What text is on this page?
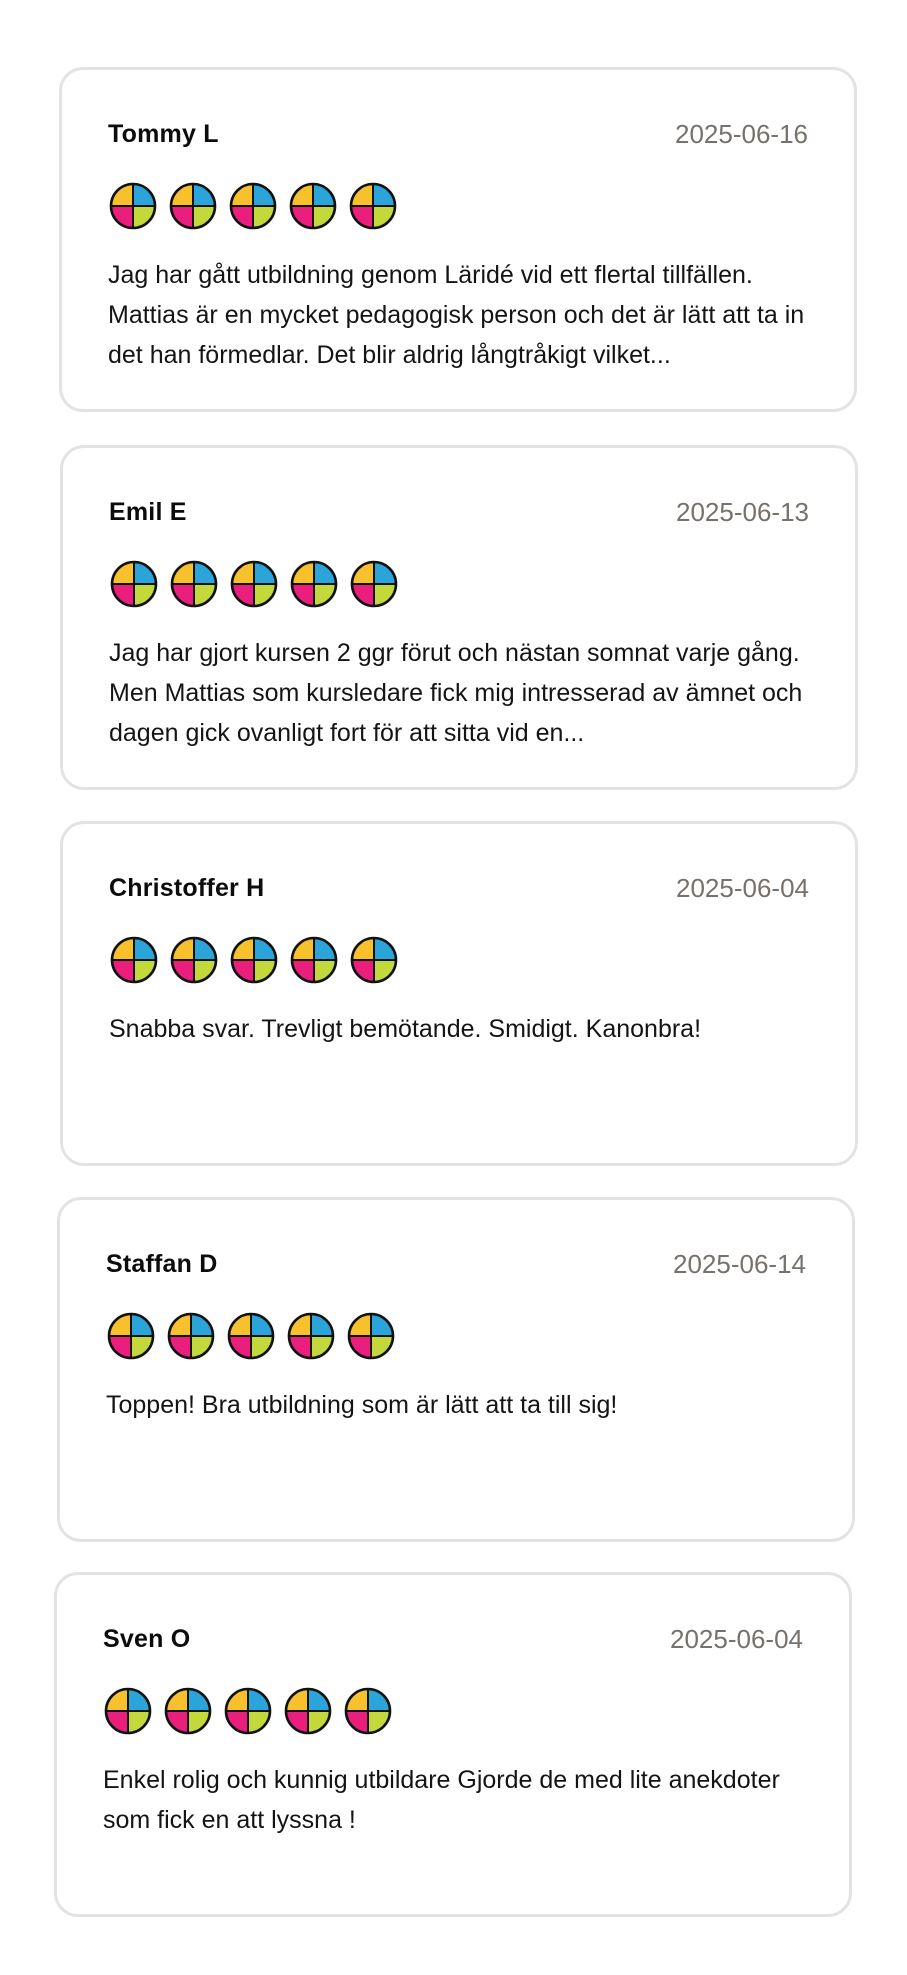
Tommy L	2025-06-16

Jag har gått utbildning genom Läridé vid ett flertal tillfällen. Mattias är en mycket pedagogisk person och det är lätt att ta in det han förmedlar. Det blir aldrig långtråkigt vilket...

Emil E	2025-06-13

Jag har gjort kursen 2 ggr förut och nästan somnat varje gång. Men Mattias som kursledare fick mig intresserad av ämnet och dagen gick ovanligt fort för att sitta vid en...

Christoffer H	2025-06-04

Snabba svar. Trevligt bemötande. Smidigt. Kanonbra!

Staffan D	2025-06-14

Toppen! Bra utbildning som är lätt att ta till sig!

Sven O	2025-06-04

Enkel rolig och kunnig utbildare Gjorde de med lite anekdoter som fick en att lyssna !
